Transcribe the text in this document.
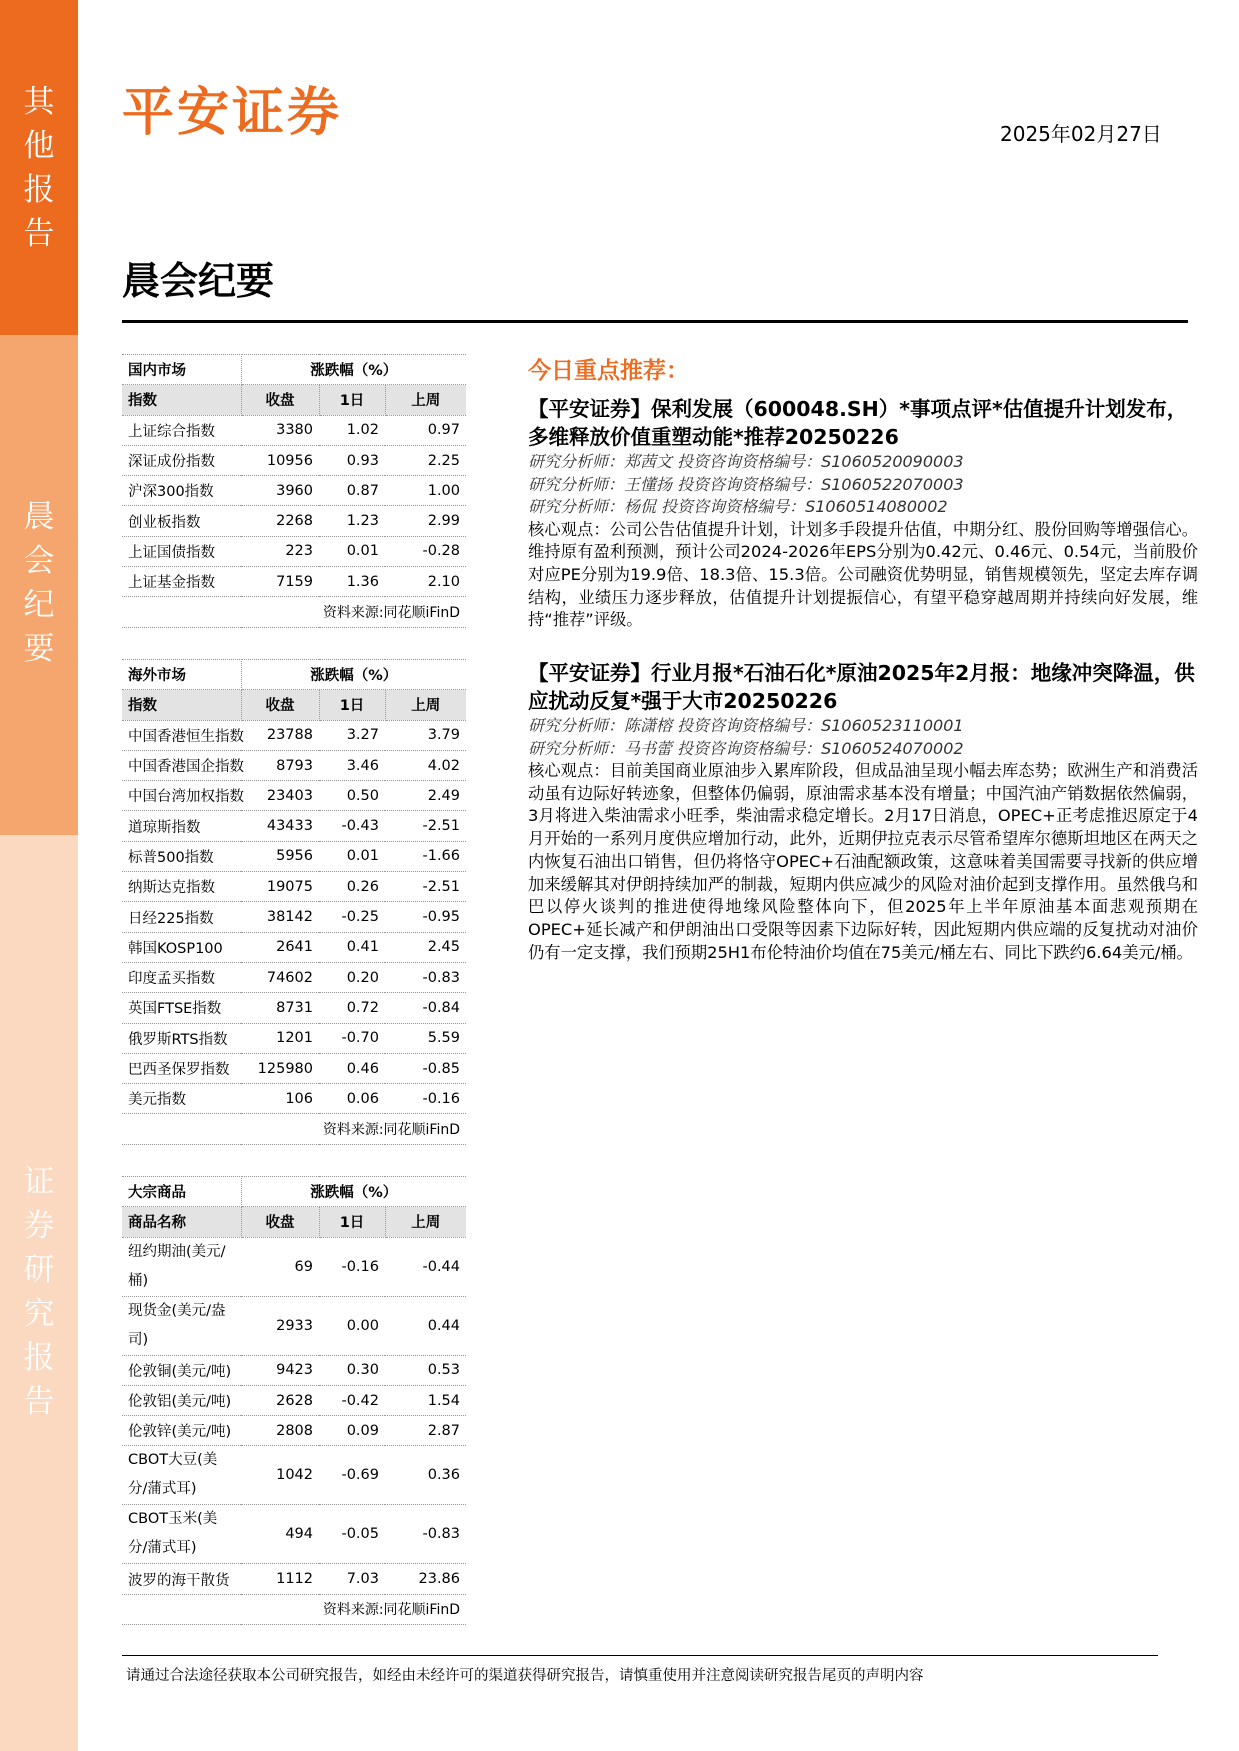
其
他
报
告
晨
会
纪
要
证
券
研
究
报
告
平安证券	2025年02月27日
晨会纪要
国内市场	涨跌幅（%）		
指数	收盘	1日	上周
上证综合指数	3380	1.02	0.97
深证成份指数	10956	0.93	2.25
沪深300指数	3960	0.87	1.00
创业板指数	2268	1.23	2.99
上证国债指数	223	0.01	-0.28
上证基金指数	7159	1.36	2.10
资料来源:同花顺iFinD			
海外市场	涨跌幅（%）		
指数	收盘	1日	上周
中国香港恒生指数	23788	3.27	3.79
中国香港国企指数	8793	3.46	4.02
中国台湾加权指数	23403	0.50	2.49
道琼斯指数	43433	-0.43	-2.51
标普500指数	5956	0.01	-1.66
纳斯达克指数	19075	0.26	-2.51
日经225指数	38142	-0.25	-0.95
韩国KOSP100	2641	0.41	2.45
印度孟买指数	74602	0.20	-0.83
英国FTSE指数	8731	0.72	-0.84
俄罗斯RTS指数	1201	-0.70	5.59
巴西圣保罗指数	125980	0.46	-0.85
美元指数	106	0.06	-0.16
资料来源:同花顺iFinD			
大宗商品	涨跌幅（%）		
商品名称	收盘	1日	上周
纽约期油(美元/桶)	69	-0.16	-0.44
现货金(美元/盎司)	2933	0.00	0.44
伦敦铜(美元/吨)	9423	0.30	0.53
伦敦铝(美元/吨)	2628	-0.42	1.54
伦敦锌(美元/吨)	2808	0.09	2.87
CBOT大豆(美分/蒲式耳)	1042	-0.69	0.36
CBOT玉米(美分/蒲式耳)	494	-0.05	-0.83
波罗的海干散货	1112	7.03	23.86
资料来源:同花顺iFinD			
今日重点推荐：
【平安证券】保利发展（600048.SH）*事项点评*估值提升计划发布，多维释放价值重塑动能*推荐20250226
研究分析师：郑茜文 投资咨询资格编号：S1060520090003
研究分析师：王懂扬 投资咨询资格编号：S1060522070003
研究分析师：杨侃 投资咨询资格编号：S1060514080002
核心观点：公司公告估值提升计划，计划多手段提升估值，中期分红、股份回购等增强信心。维持原有盈利预测，预计公司2024-2026年EPS分别为0.42元、0.46元、0.54元，当前股价对应PE分别为19.9倍、18.3倍、15.3倍。公司融资优势明显，销售规模领先，坚定去库存调结构，业绩压力逐步释放，估值提升计划提振信心，有望平稳穿越周期并持续向好发展，维持“推荐”评级。
【平安证券】行业月报*石油石化*原油2025年2月报：地缘冲突降温，供应扰动反复*强于大市20250226
研究分析师：陈潇榕 投资咨询资格编号：S1060523110001
研究分析师：马书蕾 投资咨询资格编号：S1060524070002
核心观点：目前美国商业原油步入累库阶段，但成品油呈现小幅去库态势；欧洲生产和消费活动虽有边际好转迹象，但整体仍偏弱，原油需求基本没有增量；中国汽油产销数据依然偏弱，3月将进入柴油需求小旺季，柴油需求稳定增长。2月17日消息，OPEC+正考虑推迟原定于4月开始的一系列月度供应增加行动，此外，近期伊拉克表示尽管希望库尔德斯坦地区在两天之内恢复石油出口销售，但仍将恪守OPEC+石油配额政策，这意味着美国需要寻找新的供应增加来缓解其对伊朗持续加严的制裁，短期内供应减少的风险对油价起到支撑作用。虽然俄乌和巴以停火谈判的推进使得地缘风险整体向下，但2025年上半年原油基本面悲观预期在OPEC+延长减产和伊朗油出口受限等因素下边际好转，因此短期内供应端的反复扰动对油价仍有一定支撑，我们预期25H1布伦特油价均值在75美元/桶左右、同比下跌约6.64美元/桶。
请通过合法途径获取本公司研究报告，如经由未经许可的渠道获得研究报告，请慎重使用并注意阅读研究报告尾页的声明内容
